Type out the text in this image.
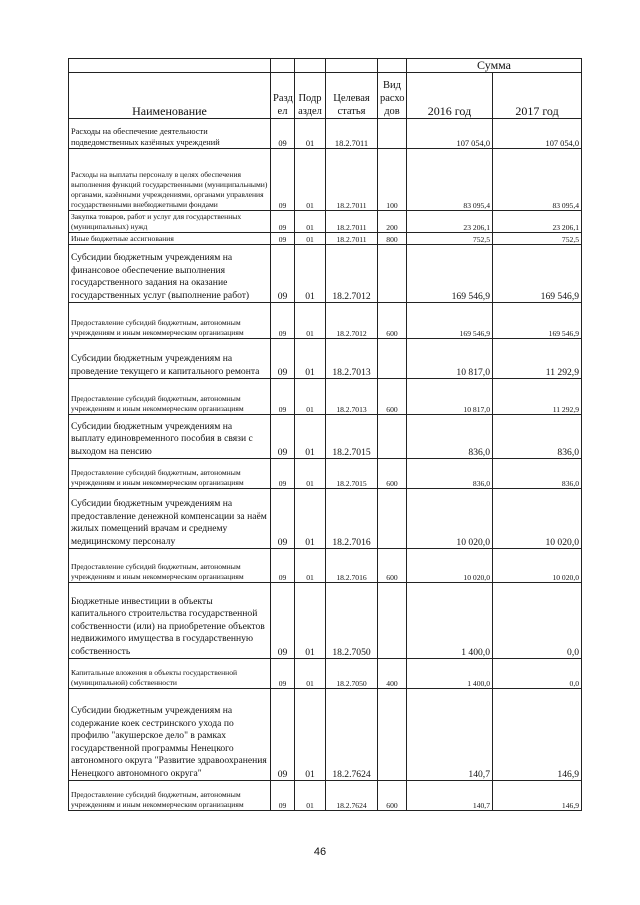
					Сумма	
Наименование	Разд ел	Подр аздел	Целевая статья	Вид расхо дов	2016 год	2017 год
Расходы на обеспечение деятельности подведомственных казённых учреждений	09	01	18.2.7011		107 054,0	107 054,0
Расходы на выплаты персоналу в целях обеспечения выполнения функций государственными (муниципальными) органами, казёнными учреждениями, органами управления государственными внебюджетными фондами	09	01	18.2.7011	100	83 095,4	83 095,4
Закупка товаров, работ и услуг для государственных (муниципальных) нужд	09	01	18.2.7011	200	23 206,1	23 206,1
Иные бюджетные ассигнования	09	01	18.2.7011	800	752,5	752,5
Субсидии бюджетным учреждениям на финансовое обеспечение выполнения государственного задания на оказание государственных услуг (выполнение работ)	09	01	18.2.7012		169 546,9	169 546,9
Предоставление субсидий бюджетным, автономным учреждениям и иным некоммерческим организациям	09	01	18.2.7012	600	169 546,9	169 546,9
Субсидии бюджетным учреждениям на проведение текущего и капитального ремонта	09	01	18.2.7013		10 817,0	11 292,9
Предоставление субсидий бюджетным, автономным учреждениям и иным некоммерческим организациям	09	01	18.2.7013	600	10 817,0	11 292,9
Субсидии бюджетным учреждениям на выплату единовременного пособия в связи с выходом на пенсию	09	01	18.2.7015		836,0	836,0
Предоставление субсидий бюджетным, автономным учреждениям и иным некоммерческим организациям	09	01	18.2.7015	600	836,0	836,0
Субсидии бюджетным учреждениям на предоставление денежной компенсации за наём жилых помещений врачам и среднему медицинскому персоналу	09	01	18.2.7016		10 020,0	10 020,0
Предоставление субсидий бюджетным, автономным учреждениям и иным некоммерческим организациям	09	01	18.2.7016	600	10 020,0	10 020,0
Бюджетные инвестиции в объекты капитального строительства государственной собственности (или) на приобретение объектов недвижимого имущества в государственную собственность	09	01	18.2.7050		1 400,0	0,0
Капитальные вложения в объекты государственной (муниципальной) собственности	09	01	18.2.7050	400	1 400,0	0,0
Субсидии бюджетным учреждениям на содержание коек сестринского ухода по профилю "акушерское дело" в рамках государственной программы Ненецкого автономного округа "Развитие здравоохранения Ненецкого автономного округа"	09	01	18.2.7624		140,7	146,9
Предоставление субсидий бюджетным, автономным учреждениям и иным некоммерческим организациям	09	01	18.2.7624	600	140,7	146,9
46
